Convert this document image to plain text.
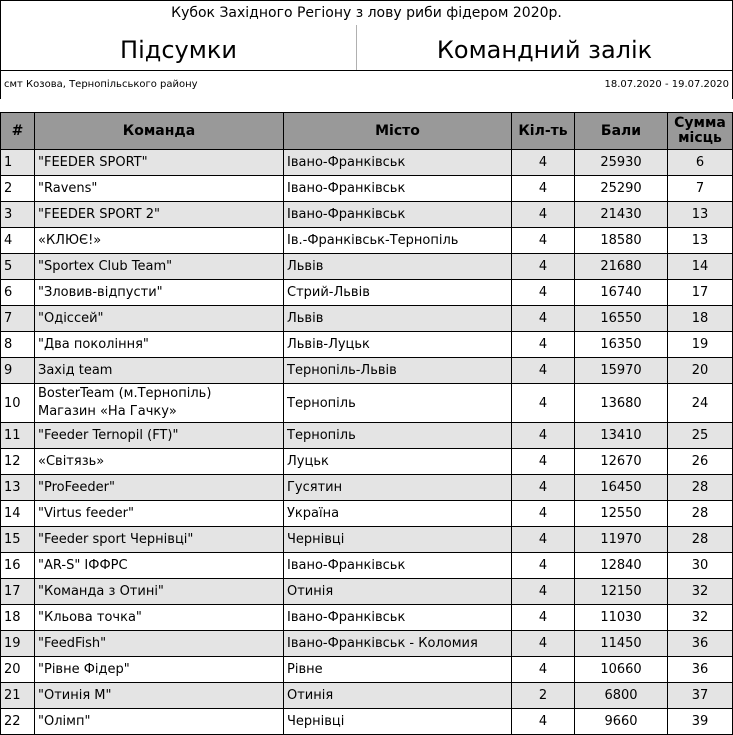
Кубок Західного Регіону з лову риби фідером 2020р.
Підсумки	Командний залік
смт Козова, Тернопільського району	18.07.2020 - 19.07.2020
#	Команда	Місто	Кіл-ть	Бали	Сумма місць
1	"FEEDER SPORT"	Івано-Франківськ	4	25930	6
2	"Ravens"	Івано-Франківськ	4	25290	7
3	"FEEDER SPORT 2"	Івано-Франківськ	4	21430	13
4	«КЛЮЄ!»	Ів.-Франківськ-Тернопіль	4	18580	13
5	"Sportex Club Team"	Львів	4	21680	14
6	"Зловив-відпусти"	Стрий-Львів	4	16740	17
7	"Одіссей"	Львів	4	16550	18
8	"Два покоління"	Львів-Луцьк	4	16350	19
9	Захід team	Тернопіль-Львів	4	15970	20
10	BosterTeam (м.Тернопіль)
Магазин «На Гачку»	Тернопіль	4	13680	24
11	"Feeder Ternopil (FT)"	Тернопіль	4	13410	25
12	«Світязь»	Луцьк	4	12670	26
13	"ProFeeder"	Гусятин	4	16450	28
14	"Virtus feeder"	Україна	4	12550	28
15	"Feeder sport Чернівці"	Чернівці	4	11970	28
16	"AR-S" ІФФРС	Івано-Франківськ	4	12840	30
17	"Команда з Отині"	Отинія	4	12150	32
18	"Кльова точка"	Івано-Франківськ	4	11030	32
19	"FeedFish"	Івано-Франківськ - Коломия	4	11450	36
20	"Рівне Фідер"	Рівне	4	10660	36
21	"Отинія М"	Отинія	2	6800	37
22	"Олімп"	Чернівці	4	9660	39
